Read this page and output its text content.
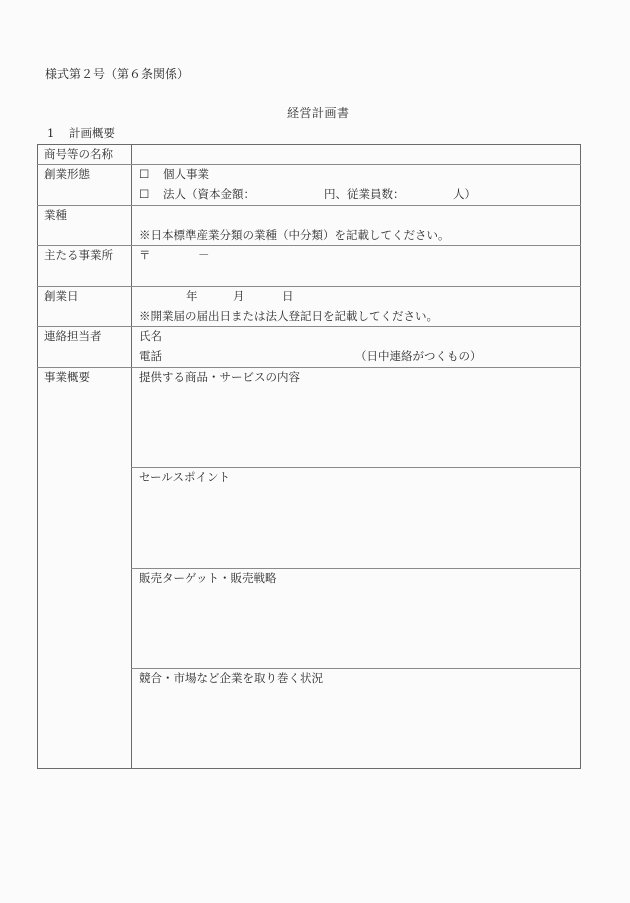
様式第２号（第６条関係）
経営計画書
1 計画概要
商号等の名称
創業形態	☐ 個人事業
☐ 法人（資本金額：	円、従業員数：	人）
業種
※日本標準産業分類の業種（中分類）を記載してください。
主たる事業所 〒	－
創業日	年	月	日
※開業届の届出日または法人登記日を記載してください。
連絡担当者	氏名
電話	（日中連絡がつくもの）
事業概要	提供する商品・サービスの内容
セールスポイント
販売ターゲット・販売戦略
競合・市場など企業を取り巻く状況
